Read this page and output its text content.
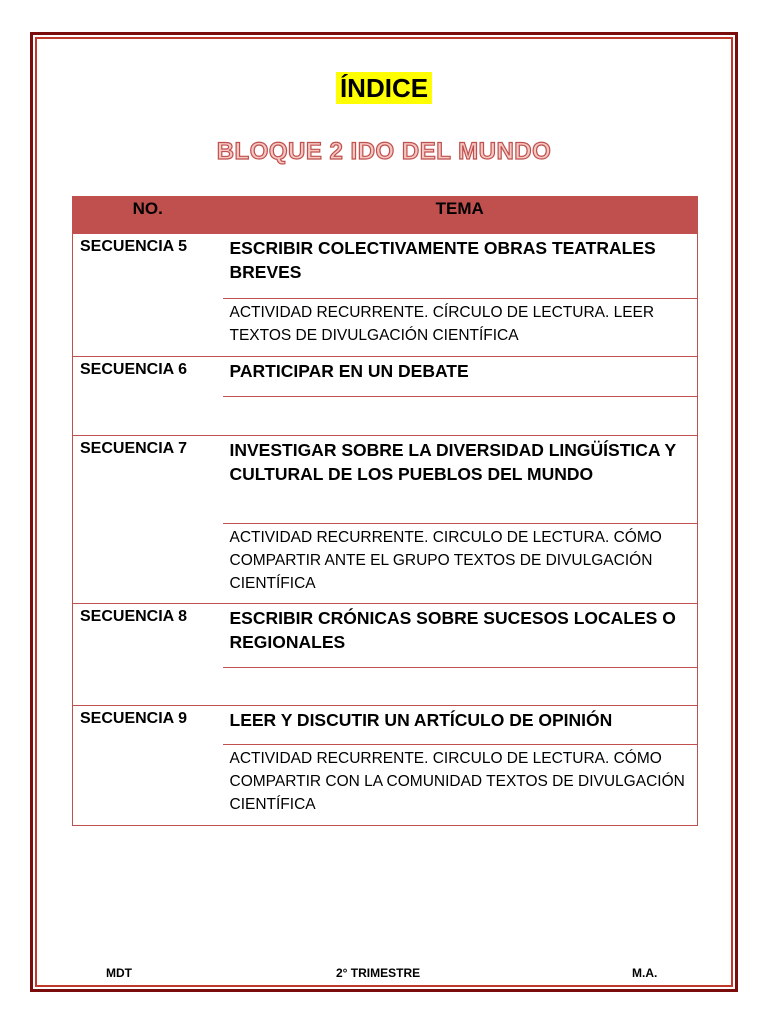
ÍNDICE
BLOQUE 2 IDO DEL MUNDO
NO.	TEMA
SECUENCIA 5	ESCRIBIR COLECTIVAMENTE OBRAS TEATRALES BREVES
	ACTIVIDAD RECURRENTE. CÍRCULO DE LECTURA. LEER TEXTOS DE DIVULGACIÓN CIENTÍFICA
SECUENCIA 6	PARTICIPAR EN UN DEBATE

SECUENCIA 7	INVESTIGAR SOBRE LA DIVERSIDAD LINGÜÍSTICA Y CULTURAL DE LOS PUEBLOS DEL MUNDO
	ACTIVIDAD RECURRENTE. CIRCULO DE LECTURA. CÓMO COMPARTIR ANTE EL GRUPO TEXTOS DE DIVULGACIÓN CIENTÍFICA
SECUENCIA 8	ESCRIBIR CRÓNICAS SOBRE SUCESOS LOCALES O REGIONALES

SECUENCIA 9	LEER Y DISCUTIR UN ARTÍCULO DE OPINIÓN
	ACTIVIDAD RECURRENTE. CIRCULO DE LECTURA. CÓMO COMPARTIR CON LA COMUNIDAD TEXTOS DE DIVULGACIÓN CIENTÍFICA
MDT	2° TRIMESTRE	M.A.
